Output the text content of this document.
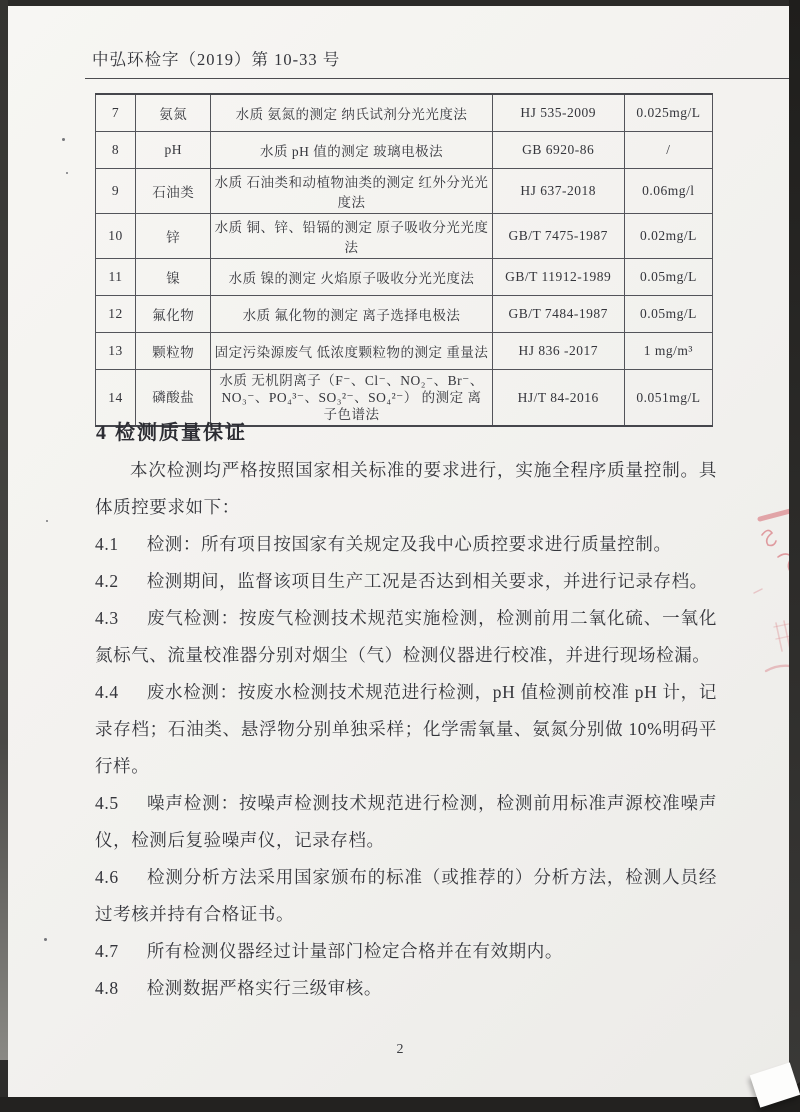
中弘环检字（2019）第 10-33 号
7	氨氮	水质 氨氮的测定 纳氏试剂分光光度法	HJ 535-2009	0.025mg/L
8	pH	水质 pH 值的测定 玻璃电极法	GB 6920-86	/
9	石油类	水质 石油类和动植物油类的测定 红外分光光度法	HJ 637-2018	0.06mg/l
10	锌	水质 铜、锌、铅镉的测定 原子吸收分光光度法	GB/T 7475-1987	0.02mg/L
11	镍	水质 镍的测定 火焰原子吸收分光光度法	GB/T 11912-1989	0.05mg/L
12	氟化物	水质 氟化物的测定 离子选择电极法	GB/T 7484-1987	0.05mg/L
13	颗粒物	固定污染源废气 低浓度颗粒物的测定 重量法	HJ 836 -2017	1 mg/m³
14	磷酸盐	水质 无机阴离子（F⁻、Cl⁻、NO₂⁻、Br⁻、NO₃⁻、PO₄³⁻、SO₃²⁻、SO₄²⁻） 的测定 离子色谱法	HJ/T 84-2016	0.051mg/L
4 检测质量保证

本次检测均严格按照国家相关标准的要求进行，实施全程序质量控制。具体质控要求如下：

4.1 检测：所有项目按国家有关规定及我中心质控要求进行质量控制。

4.2 检测期间，监督该项目生产工况是否达到相关要求，并进行记录存档。

4.3 废气检测：按废气检测技术规范实施检测，检测前用二氧化硫、一氧化氮标气、流量校准器分别对烟尘（气）检测仪器进行校准，并进行现场检漏。

4.4 废水检测：按废水检测技术规范进行检测，pH 值检测前校准 pH 计，记录存档；石油类、悬浮物分别单独采样；化学需氧量、氨氮分别做 10%明码平行样。

4.5 噪声检测：按噪声检测技术规范进行检测，检测前用标准声源校准噪声仪，检测后复验噪声仪，记录存档。

4.6 检测分析方法采用国家颁布的标准（或推荐的）分析方法，检测人员经过考核并持有合格证书。

4.7 所有检测仪器经过计量部门检定合格并在有效期内。

4.8 检测数据严格实行三级审核。

2
